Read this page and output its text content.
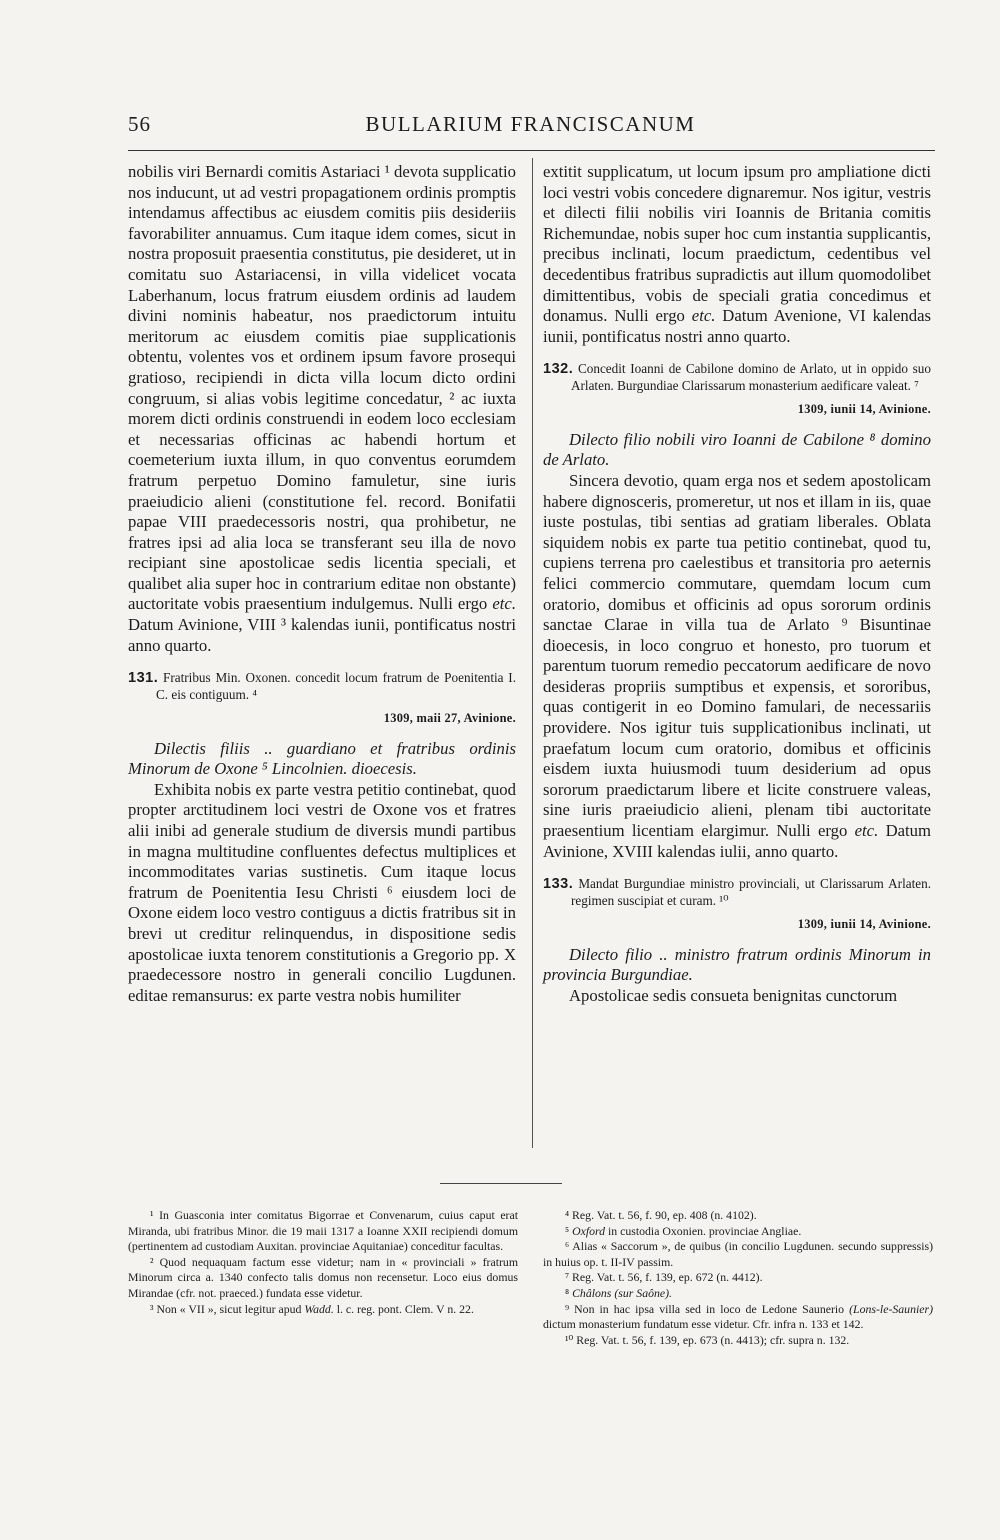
56	BULLARIUM FRANCISCANUM

nobilis viri Bernardi comitis Astariaci ¹ devota supplicatio nos inducunt, ut ad vestri propagationem ordinis promptis intendamus affectibus ac eiusdem comitis piis desideriis favorabiliter annuamus. Cum itaque idem comes, sicut in nostra proposuit praesentia constitutus, pie desideret, ut in comitatu suo Astariacensi, in villa videlicet vocata Laberhanum, locus fratrum eiusdem ordinis ad laudem divini nominis habeatur, nos praedictorum intuitu meritorum ac eiusdem comitis piae supplicationis obtentu, volentes vos et ordinem ipsum favore prosequi gratioso, recipiendi in dicta villa locum dicto ordini congruum, si alias vobis legitime concedatur, ² ac iuxta morem dicti ordinis construendi in eodem loco ecclesiam et necessarias officinas ac habendi hortum et coemeterium iuxta illum, in quo conventus eorumdem fratrum perpetuo Domino famuletur, sine iuris praeiudicio alieni (constitutione fel. record. Bonifatii papae VIII praedecessoris nostri, qua prohibetur, ne fratres ipsi ad alia loca se transferant seu illa de novo recipiant sine apostolicae sedis licentia speciali, et qualibet alia super hoc in contrarium editae non obstante) auctoritate vobis praesentium indulgemus. Nulli ergo etc. Datum Avinione, VIII ³ kalendas iunii, pontificatus nostri anno quarto.

131. Fratribus Min. Oxonen. concedit locum fratrum de Poenitentia I. C. eis contiguum. ⁴
1309, maii 27, Avinione.

Dilectis filiis .. guardiano et fratribus ordinis Minorum de Oxone ⁵ Lincolnien. dioecesis.

Exhibita nobis ex parte vestra petitio continebat, quod propter arctitudinem loci vestri de Oxone vos et fratres alii inibi ad generale studium de diversis mundi partibus in magna multitudine confluentes defectus multiplices et incommoditates varias sustinetis. Cum itaque locus fratrum de Poenitentia Iesu Christi ⁶ eiusdem loci de Oxone eidem loco vestro contiguus a dictis fratribus sit in brevi ut creditur relinquendus, in dispositione sedis apostolicae iuxta tenorem constitutionis a Gregorio pp. X praedecessore nostro in generali concilio Lugdunen. editae remansurus: ex parte vestra nobis humiliter

extitit supplicatum, ut locum ipsum pro ampliatione dicti loci vestri vobis concedere dignaremur. Nos igitur, vestris et dilecti filii nobilis viri Ioannis de Britania comitis Richemundae, nobis super hoc cum instantia supplicantis, precibus inclinati, locum praedictum, cedentibus vel decedentibus fratribus supradictis aut illum quomodolibet dimittentibus, vobis de speciali gratia concedimus et donamus. Nulli ergo etc. Datum Avenione, VI kalendas iunii, pontificatus nostri anno quarto.

132. Concedit Ioanni de Cabilone domino de Arlato, ut in oppido suo Arlaten. Burgundiae Clarissarum monasterium aedificare valeat. ⁷
1309, iunii 14, Avinione.

Dilecto filio nobili viro Ioanni de Cabilone ⁸ domino de Arlato.

Sincera devotio, quam erga nos et sedem apostolicam habere dignosceris, promeretur, ut nos et illam in iis, quae iuste postulas, tibi sentias ad gratiam liberales. Oblata siquidem nobis ex parte tua petitio continebat, quod tu, cupiens terrena pro caelestibus et transitoria pro aeternis felici commercio commutare, quemdam locum cum oratorio, domibus et officinis ad opus sororum ordinis sanctae Clarae in villa tua de Arlato ⁹ Bisuntinae dioecesis, in loco congruo et honesto, pro tuorum et parentum tuorum remedio peccatorum aedificare de novo desideras propriis sumptibus et expensis, et sororibus, quas contigerit in eo Domino famulari, de necessariis providere. Nos igitur tuis supplicationibus inclinati, ut praefatum locum cum oratorio, domibus et officinis eisdem iuxta huiusmodi tuum desiderium ad opus sororum praedictarum libere et licite construere valeas, sine iuris praeiudicio alieni, plenam tibi auctoritate praesentium licentiam elargimur. Nulli ergo etc. Datum Avinione, XVIII kalendas iulii, anno quarto.

133. Mandat Burgundiae ministro provinciali, ut Clarissarum Arlaten. regimen suscipiat et curam. ¹⁰
1309, iunii 14, Avinione.

Dilecto filio .. ministro fratrum ordinis Minorum in provincia Burgundiae.

Apostolicae sedis consueta benignitas cunctorum

¹ In Guasconia inter comitatus Bigorrae et Convenarum, cuius caput erat Miranda, ubi fratribus Minor. die 19 maii 1317 a Ioanne XXII recipiendi domum (pertinentem ad custodiam Auxitan. provinciae Aquitaniae) conceditur facultas.

² Quod nequaquam factum esse videtur; nam in « provinciali » fratrum Minorum circa a. 1340 confecto talis domus non recensetur. Loco eius domus Mirandae (cfr. not. praeced.) fundata esse videtur.

³ Non « VII », sicut legitur apud Wadd. l. c. reg. pont. Clem. V n. 22.

⁴ Reg. Vat. t. 56, f. 90, ep. 408 (n. 4102).

⁵ Oxford in custodia Oxonien. provinciae Angliae.

⁶ Alias « Saccorum », de quibus (in concilio Lugdunen. secundo suppressis) in huius op. t. II-IV passim.

⁷ Reg. Vat. t. 56, f. 139, ep. 672 (n. 4412).

⁸ Châlons (sur Saône).

⁹ Non in hac ipsa villa sed in loco de Ledone Saunerio (Lons-le-Saunier) dictum monasterium fundatum esse videtur. Cfr. infra n. 133 et 142.

¹⁰ Reg. Vat. t. 56, f. 139, ep. 673 (n. 4413); cfr. supra n. 132.
